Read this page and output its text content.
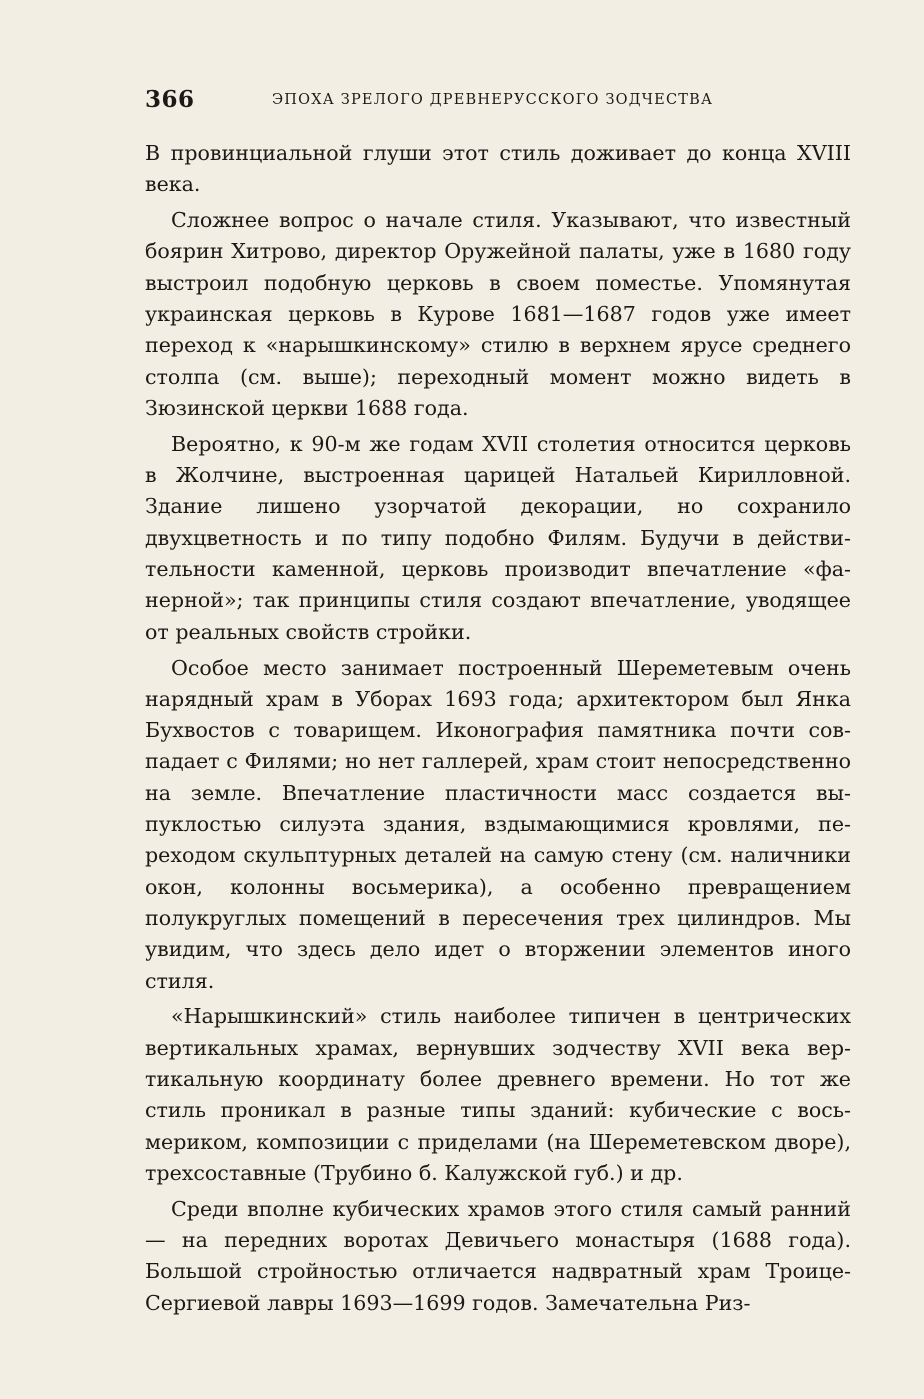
366	ЭПОХА ЗРЕЛОГО ДРЕВНЕРУССКОГО ЗОДЧЕСТВА

В провинциальной глуши этот стиль доживает до конца XVIII века.

Сложнее вопрос о начале стиля. Указывают, что известный боярин Хитрово, директор Оружейной палаты, уже в 1680 году выстроил подобную церковь в своем поместье. Упомянутая украинская церковь в Курове 1681—1687 годов уже имеет переход к «нарышкинскому» стилю в верхнем ярусе среднего столпа (см. выше); переходный момент можно видеть в Зюзинской церкви 1688 года.

Вероятно, к 90-м же годам XVII столетия относится церковь в Жолчине, выстроенная царицей Натальей Кирилловной. Здание лишено узорчатой декорации, но сохранило двухцветность и по типу подобно Филям. Будучи в действительности каменной, церковь производит впечатление «фанерной»; так принципы стиля создают впечатление, уводящее от реальных свойств стройки.

Особое место занимает построенный Шереметевым очень нарядный храм в Уборах 1693 года; архитектором был Янка Бухвостов с товарищем. Иконография памятника почти совпадает с Филями; но нет галлерей, храм стоит непосредственно на земле. Впечатление пластичности масс создается выпуклостью силуэта здания, вздымающимися кровлями, переходом скульптурных деталей на самую стену (см. наличники окон, колонны восьмерика), а особенно превращением полукруглых помещений в пересечения трех цилиндров. Мы увидим, что здесь дело идет о вторжении элементов иного стиля.

«Нарышкинский» стиль наиболее типичен в центрических вертикальных храмах, вернувших зодчеству XVII века вертикальную координату более древнего времени. Но тот же стиль проникал в разные типы зданий: кубические с восьмериком, композиции с приделами (на Шереметевском дворе), трехсоставные (Трубино б. Калужской губ.) и др.

Среди вполне кубических храмов этого стиля самый ранний — на передних воротах Девичьего монастыря (1688 года). Большой стройностью отличается надвратный храм Троице-Сергиевой лавры 1693—1699 годов. Замечательна Риз-
